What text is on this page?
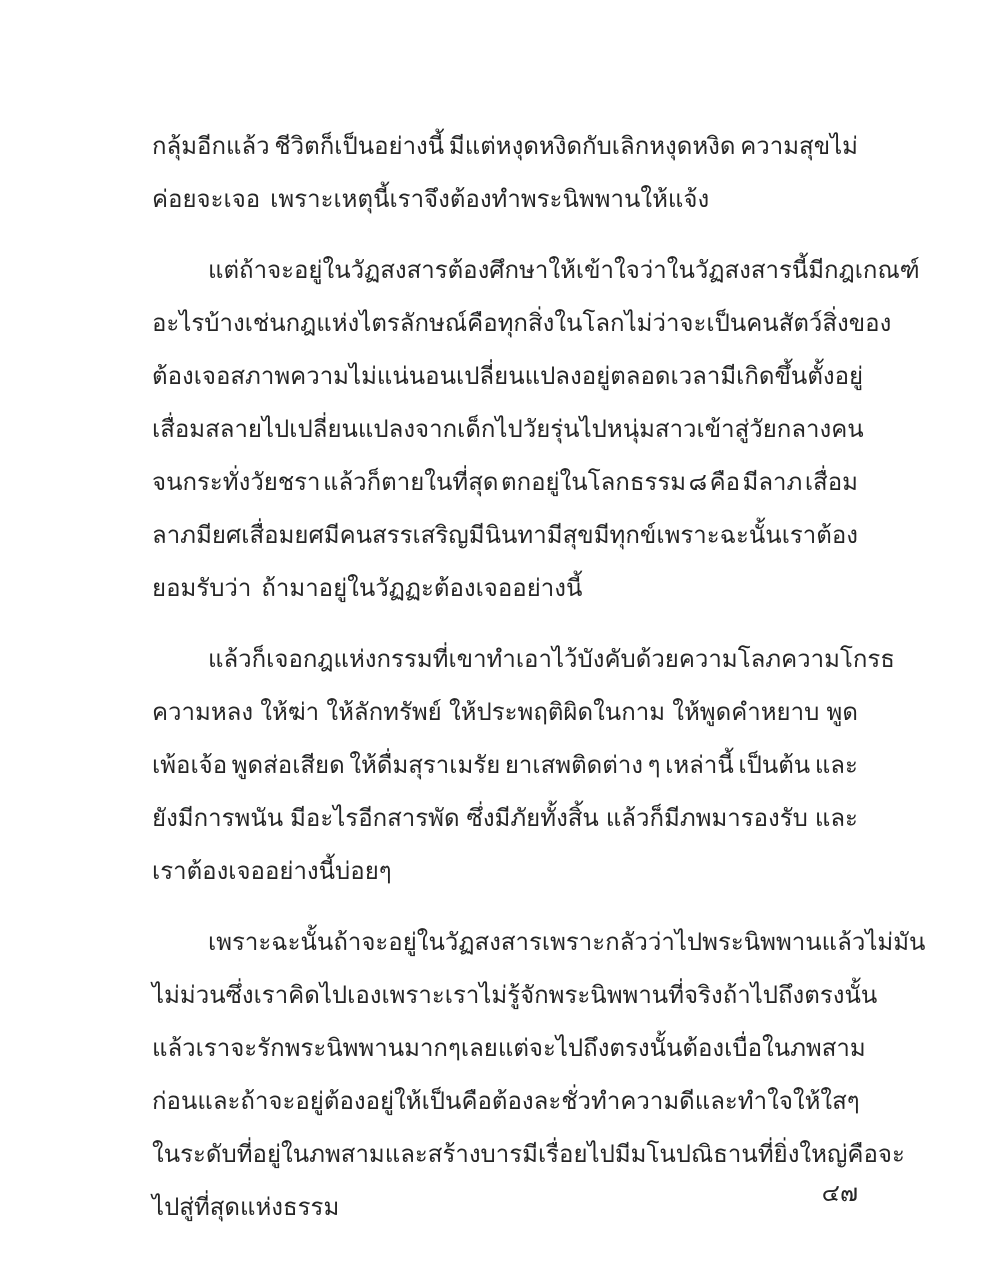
กลุ้มอีกแล้ว ชีวิตก็เป็นอย่างนี้ มีแต่หงุดหงิดกับเลิกหงุดหงิด ความสุขไม่
ค่อยจะเจอ เพราะเหตุนี้เราจึงต้องทำพระนิพพานให้แจ้ง
แต่ถ้าจะอยู่ในวัฏสงสารต้องศึกษาให้เข้าใจว่า ในวัฏสงสารนี้มีกฎเกณฑ์
อะไรบ้าง เช่น กฎแห่งไตรลักษณ์ คือ ทุกสิ่งในโลกไม่ว่าจะเป็นคน สัตว์ สิ่งของ
ต้องเจอสภาพความไม่แน่นอน เปลี่ยนแปลงอยู่ตลอดเวลา มีเกิดขึ้น ตั้งอยู่
เสื่อมสลายไป เปลี่ยนแปลงจากเด็กไปวัยรุ่น ไปหนุ่มสาว เข้าสู่วัยกลางคน
จนกระทั่งวัยชรา แล้วก็ตายในที่สุด ตกอยู่ในโลกธรรม ๘ คือ มีลาภ เสื่อม
ลาภ มียศ เสื่อมยศ มีคนสรรเสริญ มีนินทา มีสุข มีทุกข์ เพราะฉะนั้นเราต้อง
ยอมรับว่า ถ้ามาอยู่ในวัฏฏะต้องเจออย่างนี้
แล้วก็เจอกฎแห่งกรรมที่เขาทำเอาไว้ บังคับด้วยความโลภ ความโกรธ
ความหลง ให้ฆ่า ให้ลักทรัพย์ ให้ประพฤติผิดในกาม ให้พูดคำหยาบ พูด
เพ้อเจ้อ พูดส่อเสียด ให้ดื่มสุราเมรัย ยาเสพติดต่าง ๆ เหล่านี้ เป็นต้น และ
ยังมีการพนัน มีอะไรอีกสารพัด ซึ่งมีภัยทั้งสิ้น แล้วก็มีภพมารองรับ และ
เราต้องเจออย่างนี้บ่อยๆ
เพราะฉะนั้น ถ้าจะอยู่ในวัฏสงสาร เพราะกลัวว่าไปพระนิพพานแล้วไม่มัน
ไม่ม่วน ซึ่งเราคิดไปเอง เพราะเราไม่รู้จักพระนิพพาน ที่จริงถ้าไปถึงตรงนั้น
แล้ว เราจะรักพระนิพพานมาก ๆ เลย แต่จะไปถึงตรงนั้นต้องเบื่อในภพสาม
ก่อน และถ้าจะอยู่ต้องอยู่ให้เป็น คือ ต้องละชั่ว ทำความดี และทำใจให้ใส ๆ
ในระดับที่อยู่ในภพสามและสร้างบารมีเรื่อยไป มีมโนปณิธานที่ยิ่งใหญ่ คือจะ
ไปสู่ที่สุดแห่งธรรม	๔๗
